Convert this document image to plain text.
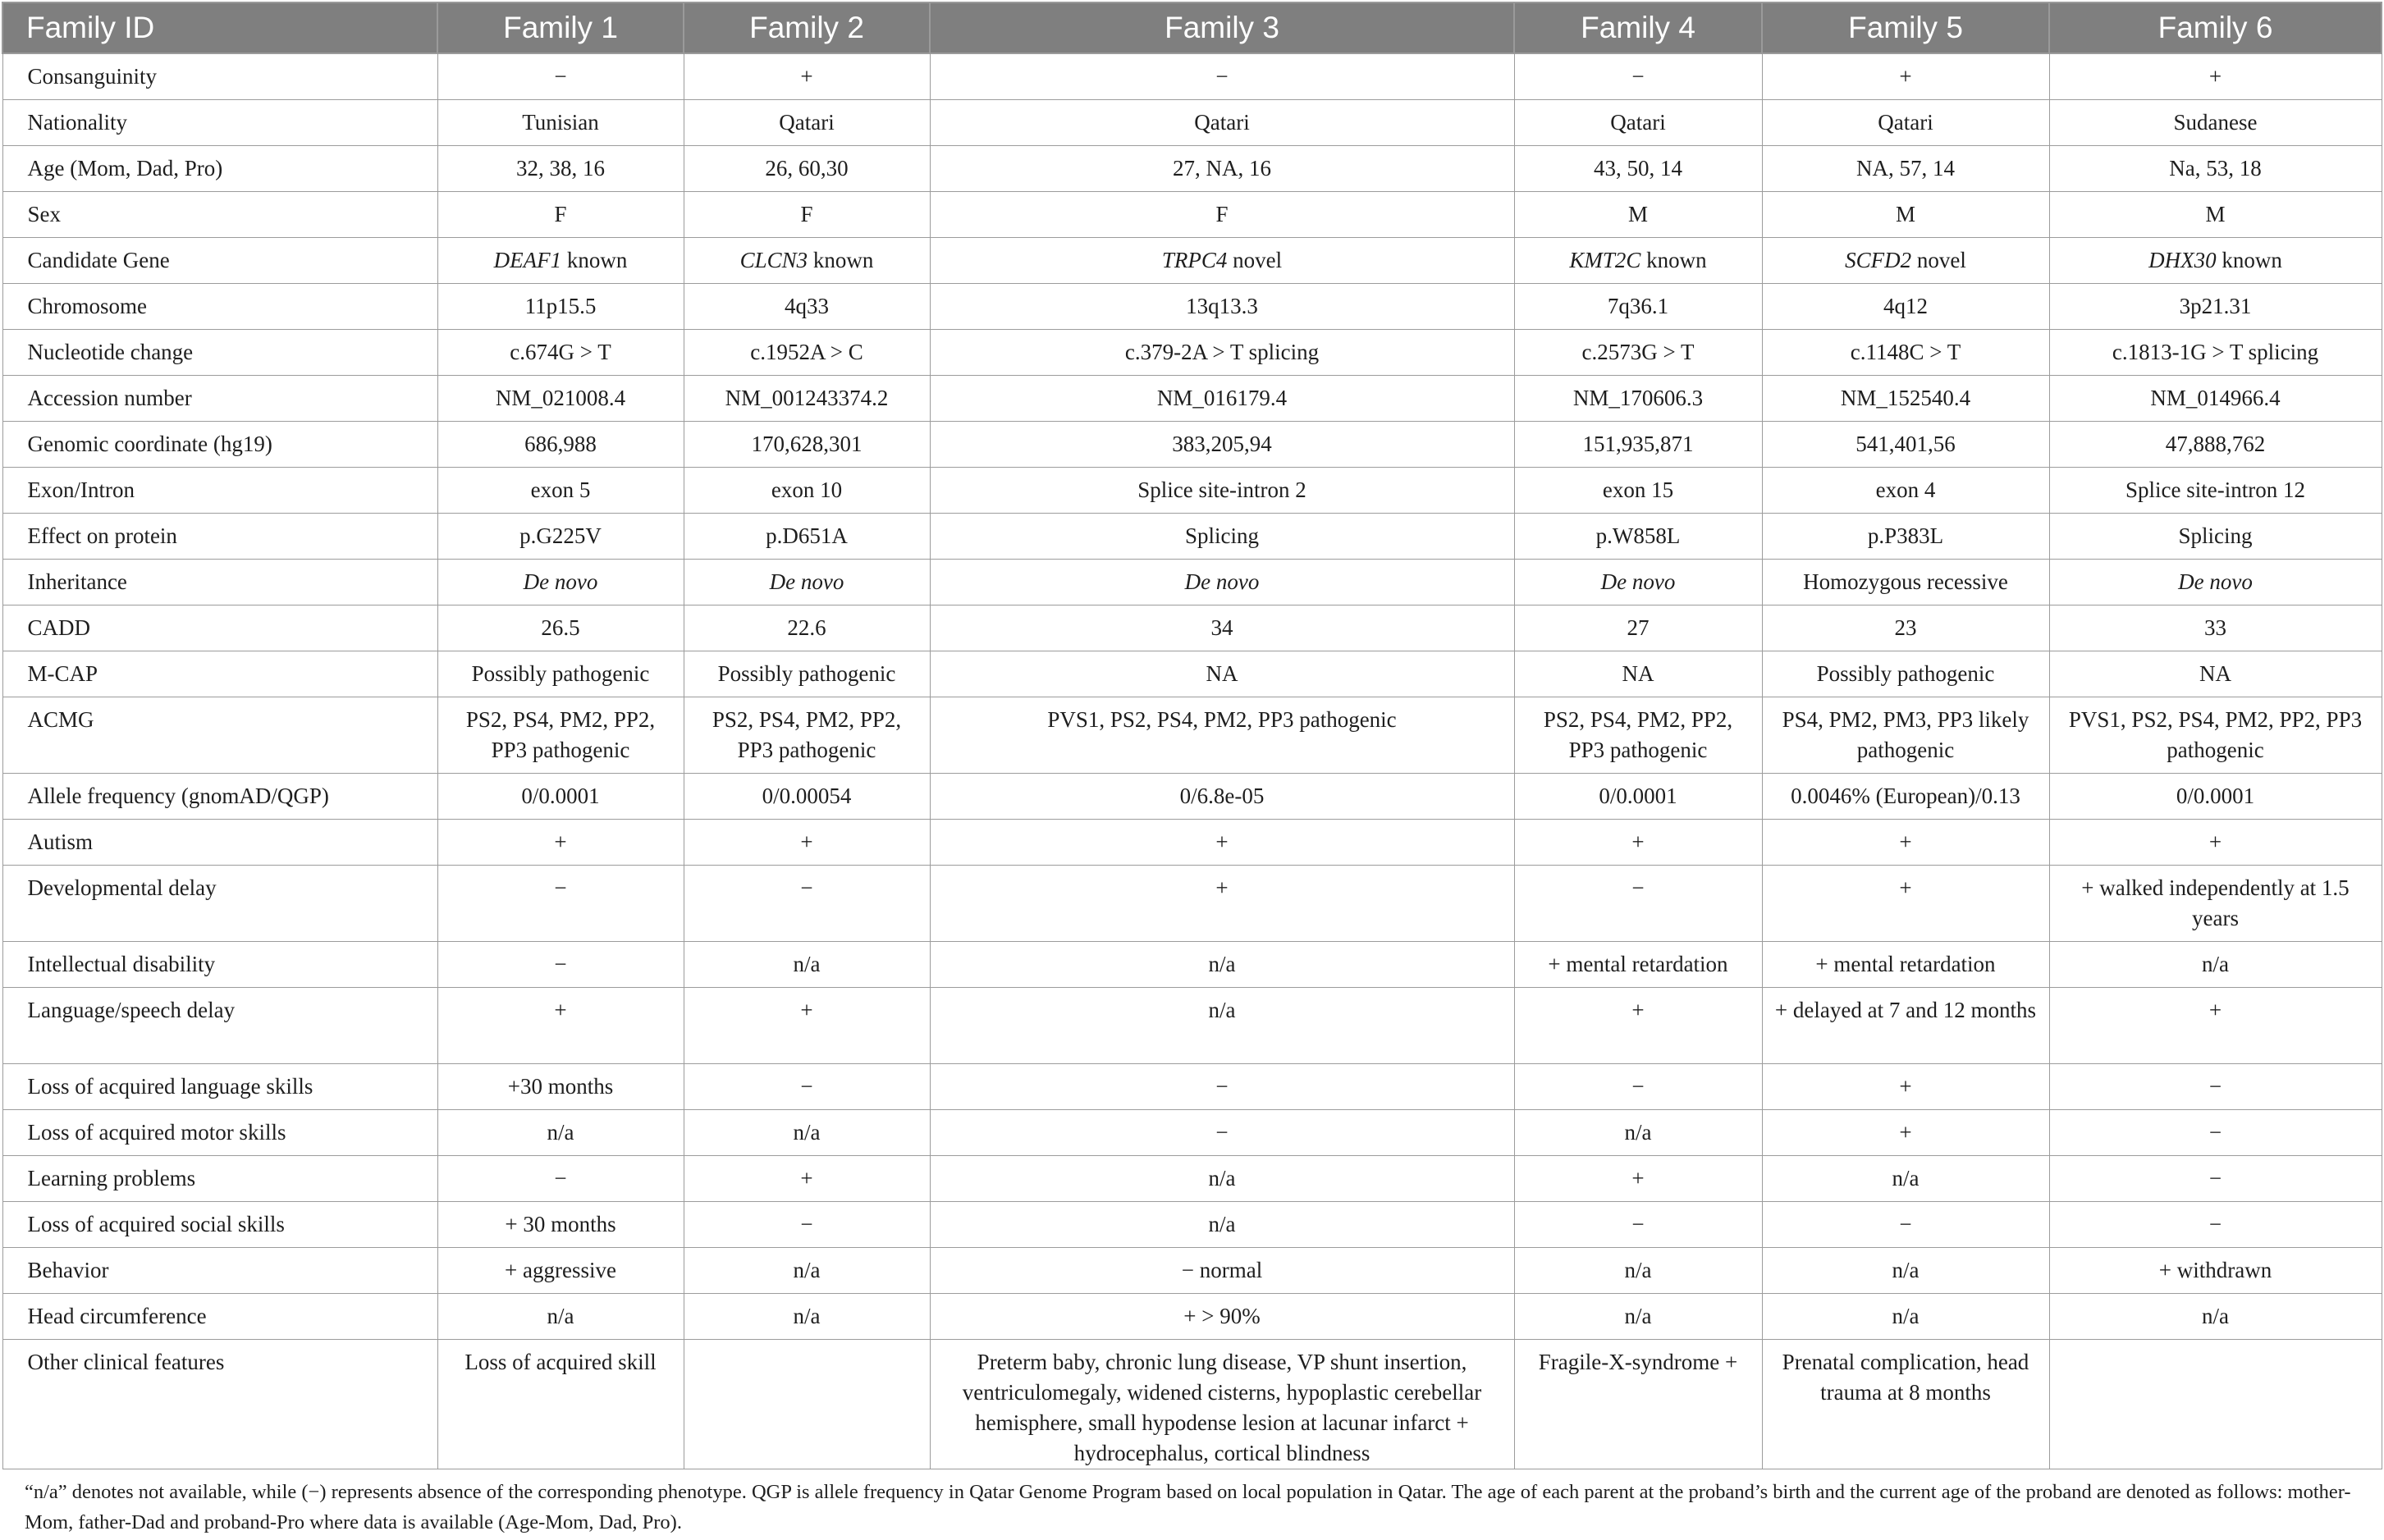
Family ID	Family 1	Family 2	Family 3	Family 4	Family 5	Family 6
Consanguinity	−	+	−	−	+	+
Nationality	Tunisian	Qatari	Qatari	Qatari	Qatari	Sudanese
Age (Mom, Dad, Pro)	32, 38, 16	26, 60,30	27, NA, 16	43, 50, 14	NA, 57, 14	Na, 53, 18
Sex	F	F	F	M	M	M
Candidate Gene	DEAF1 known	CLCN3 known	TRPC4 novel	KMT2C known	SCFD2 novel	DHX30 known
Chromosome	11p15.5	4q33	13q13.3	7q36.1	4q12	3p21.31
Nucleotide change	c.674G > T	c.1952A > C	c.379-2A > T splicing	c.2573G > T	c.1148C > T	c.1813-1G > T splicing
Accession number	NM_021008.4	NM_001243374.2	NM_016179.4	NM_170606.3	NM_152540.4	NM_014966.4
Genomic coordinate (hg19)	686,988	170,628,301	383,205,94	151,935,871	541,401,56	47,888,762
Exon/Intron	exon 5	exon 10	Splice site-intron 2	exon 15	exon 4	Splice site-intron 12
Effect on protein	p.G225V	p.D651A	Splicing	p.W858L	p.P383L	Splicing
Inheritance	De novo	De novo	De novo	De novo	Homozygous recessive	De novo
CADD	26.5	22.6	34	27	23	33
M-CAP	Possibly pathogenic	Possibly pathogenic	NA	NA	Possibly pathogenic	NA
ACMG	PS2, PS4, PM2, PP2, PP3 pathogenic	PS2, PS4, PM2, PP2, PP3 pathogenic	PVS1, PS2, PS4, PM2, PP3 pathogenic	PS2, PS4, PM2, PP2, PP3 pathogenic	PS4, PM2, PM3, PP3 likely pathogenic	PVS1, PS2, PS4, PM2, PP2, PP3 pathogenic
Allele frequency (gnomAD/QGP)	0/0.0001	0/0.00054	0/6.8e-05	0/0.0001	0.0046% (European)/0.13	0/0.0001
Autism	+	+	+	+	+	+
Developmental delay	−	−	+	−	+	+ walked independently at 1.5 years
Intellectual disability	−	n/a	n/a	+ mental retardation	+ mental retardation	n/a
Language/speech delay	+	+	n/a	+	+ delayed at 7 and 12 months	+
Loss of acquired language skills	+30 months	−	−	−	+	−
Loss of acquired motor skills	n/a	n/a	−	n/a	+	−
Learning problems	−	+	n/a	+	n/a	−
Loss of acquired social skills	+ 30 months	−	n/a	−	−	−
Behavior	+ aggressive	n/a	− normal	n/a	n/a	+ withdrawn
Head circumference	n/a	n/a	+ > 90%	n/a	n/a	n/a
Other clinical features	Loss of acquired skill		Preterm baby, chronic lung disease, VP shunt insertion, ventriculomegaly, widened cisterns, hypoplastic cerebellar hemisphere, small hypodense lesion at lacunar infarct + hydrocephalus, cortical blindness	Fragile-X-syndrome +	Prenatal complication, head trauma at 8 months	
“n/a” denotes not available, while (−) represents absence of the corresponding phenotype. QGP is allele frequency in Qatar Genome Program based on local population in Qatar. The age of each parent at the proband’s birth and the current age of the proband are denoted as follows: mother-Mom, father-Dad and proband-Pro where data is available (Age-Mom, Dad, Pro).
